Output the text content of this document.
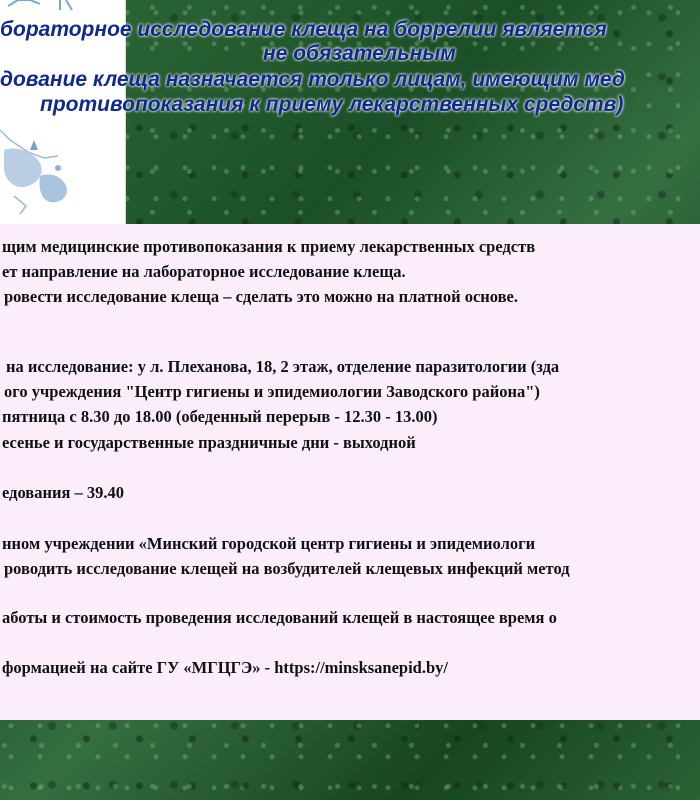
бораторное исследование клеща на боррелии является
не обязательным
дование клеща назначается только лицам, имеющим мед
противопоказания к приему лекарственных средств)
щим медицинские противопоказания к приему лекарственных средств
ет направление на лабораторное исследование клеща.
ровести исследование клеща – сделать это можно на платной основе.
на исследование: у л. Плеханова, 18, 2 этаж, отделение паразитологии (зда
ого учреждения "Центр гигиены и эпидемиологии Заводского района")
пятница с 8.30 до 18.00 (обеденный перерыв - 12.30 - 13.00)
есенье и государственные праздничные дни - выходной
едования – 39.40
нном учреждении «Минский городской центр гигиены и эпидемиологи
роводить исследование клещей на возбудителей клещевых инфекций метод
аботы и стоимость проведения исследований клещей в настоящее время о
формацией на сайте ГУ «МГЦГЭ» - https://minsksanepid.by/
